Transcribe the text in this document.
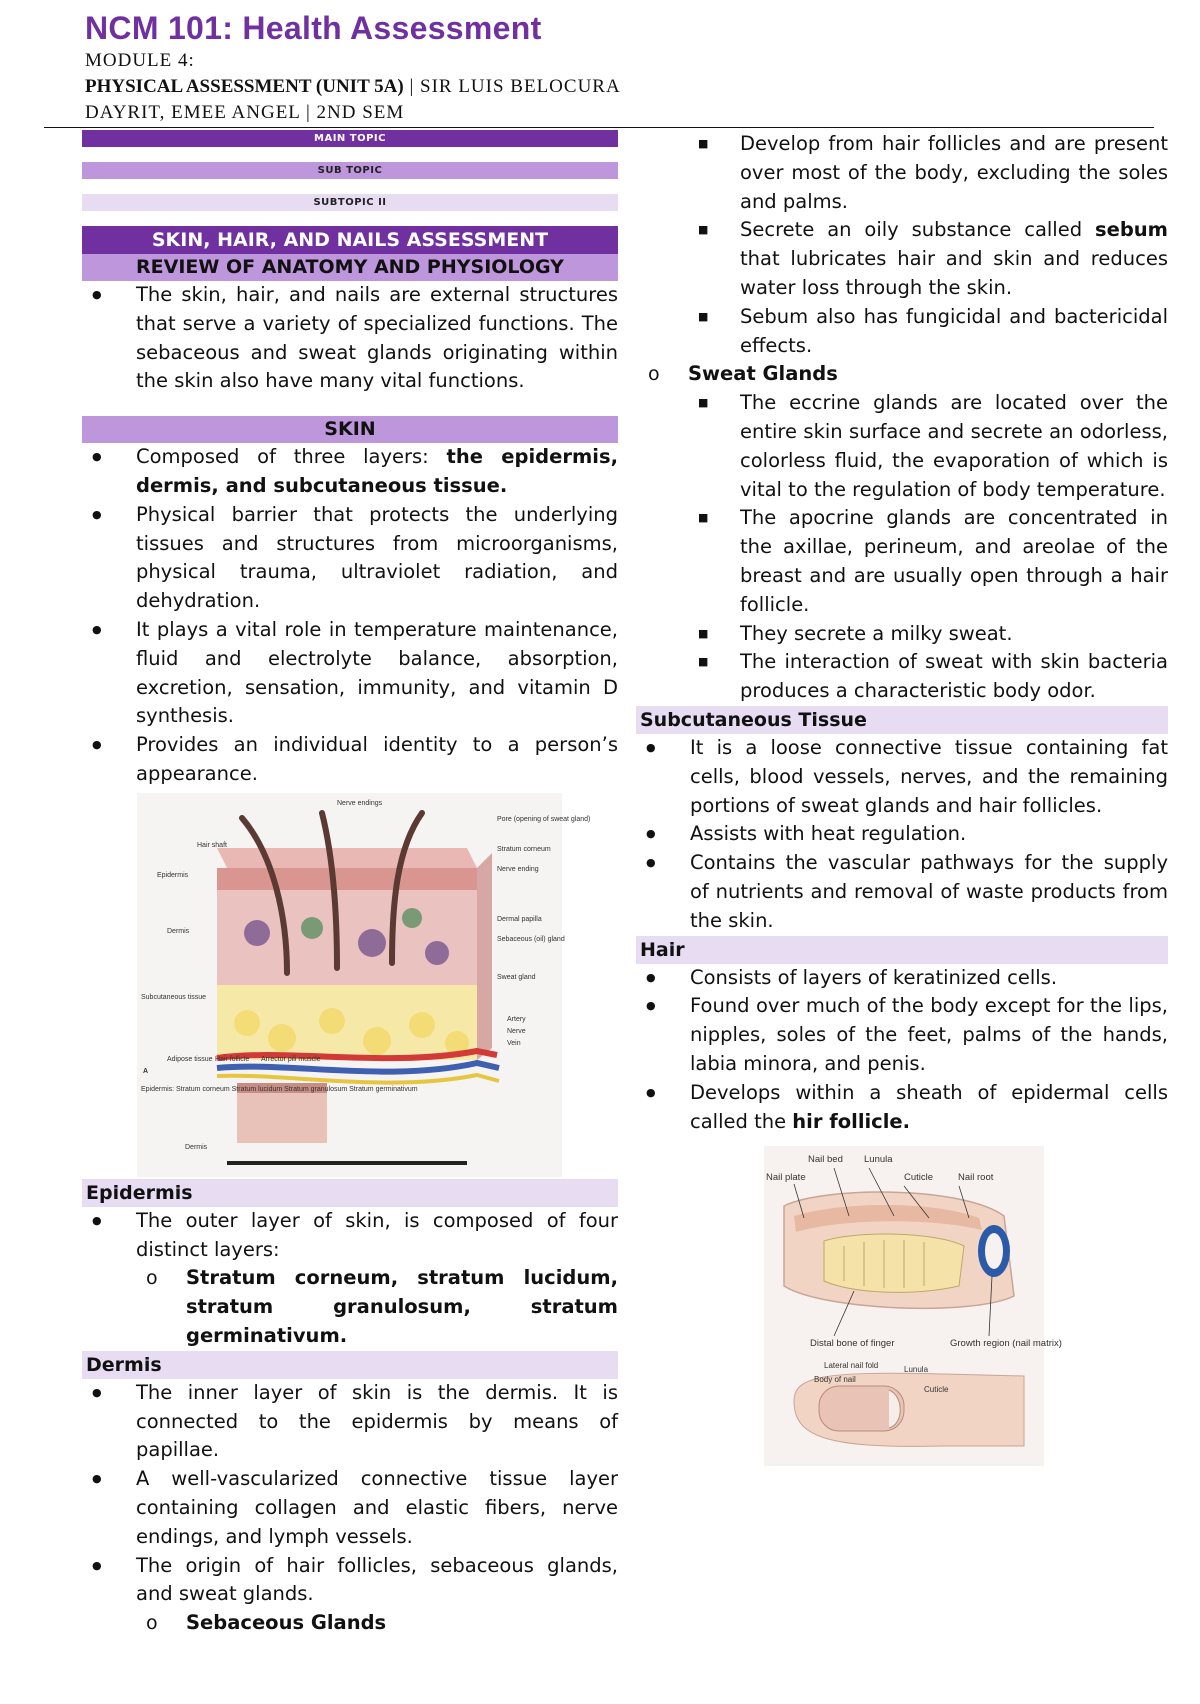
NCM 101: Health Assessment
MODULE 4:
PHYSICAL ASSESSMENT (UNIT 5A) | SIR LUIS BELOCURA
DAYRIT, EMEE ANGEL | 2ND SEM
MAIN TOPIC
SUB TOPIC
SUBTOPIC II
SKIN, HAIR, AND NAILS ASSESSMENT
REVIEW OF ANATOMY AND PHYSIOLOGY
● The skin, hair, and nails are external structures that serve a variety of specialized functions. The sebaceous and sweat glands originating within the skin also have many vital functions.
SKIN
● Composed of three layers: the epidermis, dermis, and subcutaneous tissue.
● Physical barrier that protects the underlying tissues and structures from microorganisms, physical trauma, ultraviolet radiation, and dehydration.
● It plays a vital role in temperature maintenance, fluid and electrolyte balance, absorption, excretion, sensation, immunity, and vitamin D synthesis.
● Provides an individual identity to a person’s appearance.
Nerve endings
Pore (opening of sweat gland)
Hair shaft
Stratum corneum
Nerve ending
Epidermis
Dermis
Dermal papilla
Sebaceous (oil) gland
Sweat gland
Subcutaneous tissue
Artery
Nerve
Vein
Adipose tissue Hair follicle Arrector pili muscle
A
Epidermis: Stratum corneum Stratum lucidum Stratum granulosum Stratum germinativum
Dermis
Epidermis
● The outer layer of skin, is composed of four distinct layers:
o Stratum corneum, stratum lucidum, stratum granulosum, stratum germinativum.
Dermis
● The inner layer of skin is the dermis. It is connected to the epidermis by means of papillae.
● A well-vascularized connective tissue layer containing collagen and elastic fibers, nerve endings, and lymph vessels.
● The origin of hair follicles, sebaceous glands, and sweat glands.
o Sebaceous Glands
■ Develop from hair follicles and are present over most of the body, excluding the soles and palms.
■ Secrete an oily substance called sebum that lubricates hair and skin and reduces water loss through the skin.
■ Sebum also has fungicidal and bactericidal effects.
o Sweat Glands
■ The eccrine glands are located over the entire skin surface and secrete an odorless, colorless fluid, the evaporation of which is vital to the regulation of body temperature.
■ The apocrine glands are concentrated in the axillae, perineum, and areolae of the breast and are usually open through a hair follicle.
■ They secrete a milky sweat.
■ The interaction of sweat with skin bacteria produces a characteristic body odor.
Subcutaneous Tissue
● It is a loose connective tissue containing fat cells, blood vessels, nerves, and the remaining portions of sweat glands and hair follicles.
● Assists with heat regulation.
● Contains the vascular pathways for the supply of nutrients and removal of waste products from the skin.
Hair
● Consists of layers of keratinized cells.
● Found over much of the body except for the lips, nipples, soles of the feet, palms of the hands, labia minora, and penis.
● Develops within a sheath of epidermal cells called the hir follicle.
Nail bed Lunula
Nail plate	Cuticle	Nail root
Distal bone of finger	Growth region (nail matrix)
Lateral nail fold
Body of nail
Lunula
Cuticle
